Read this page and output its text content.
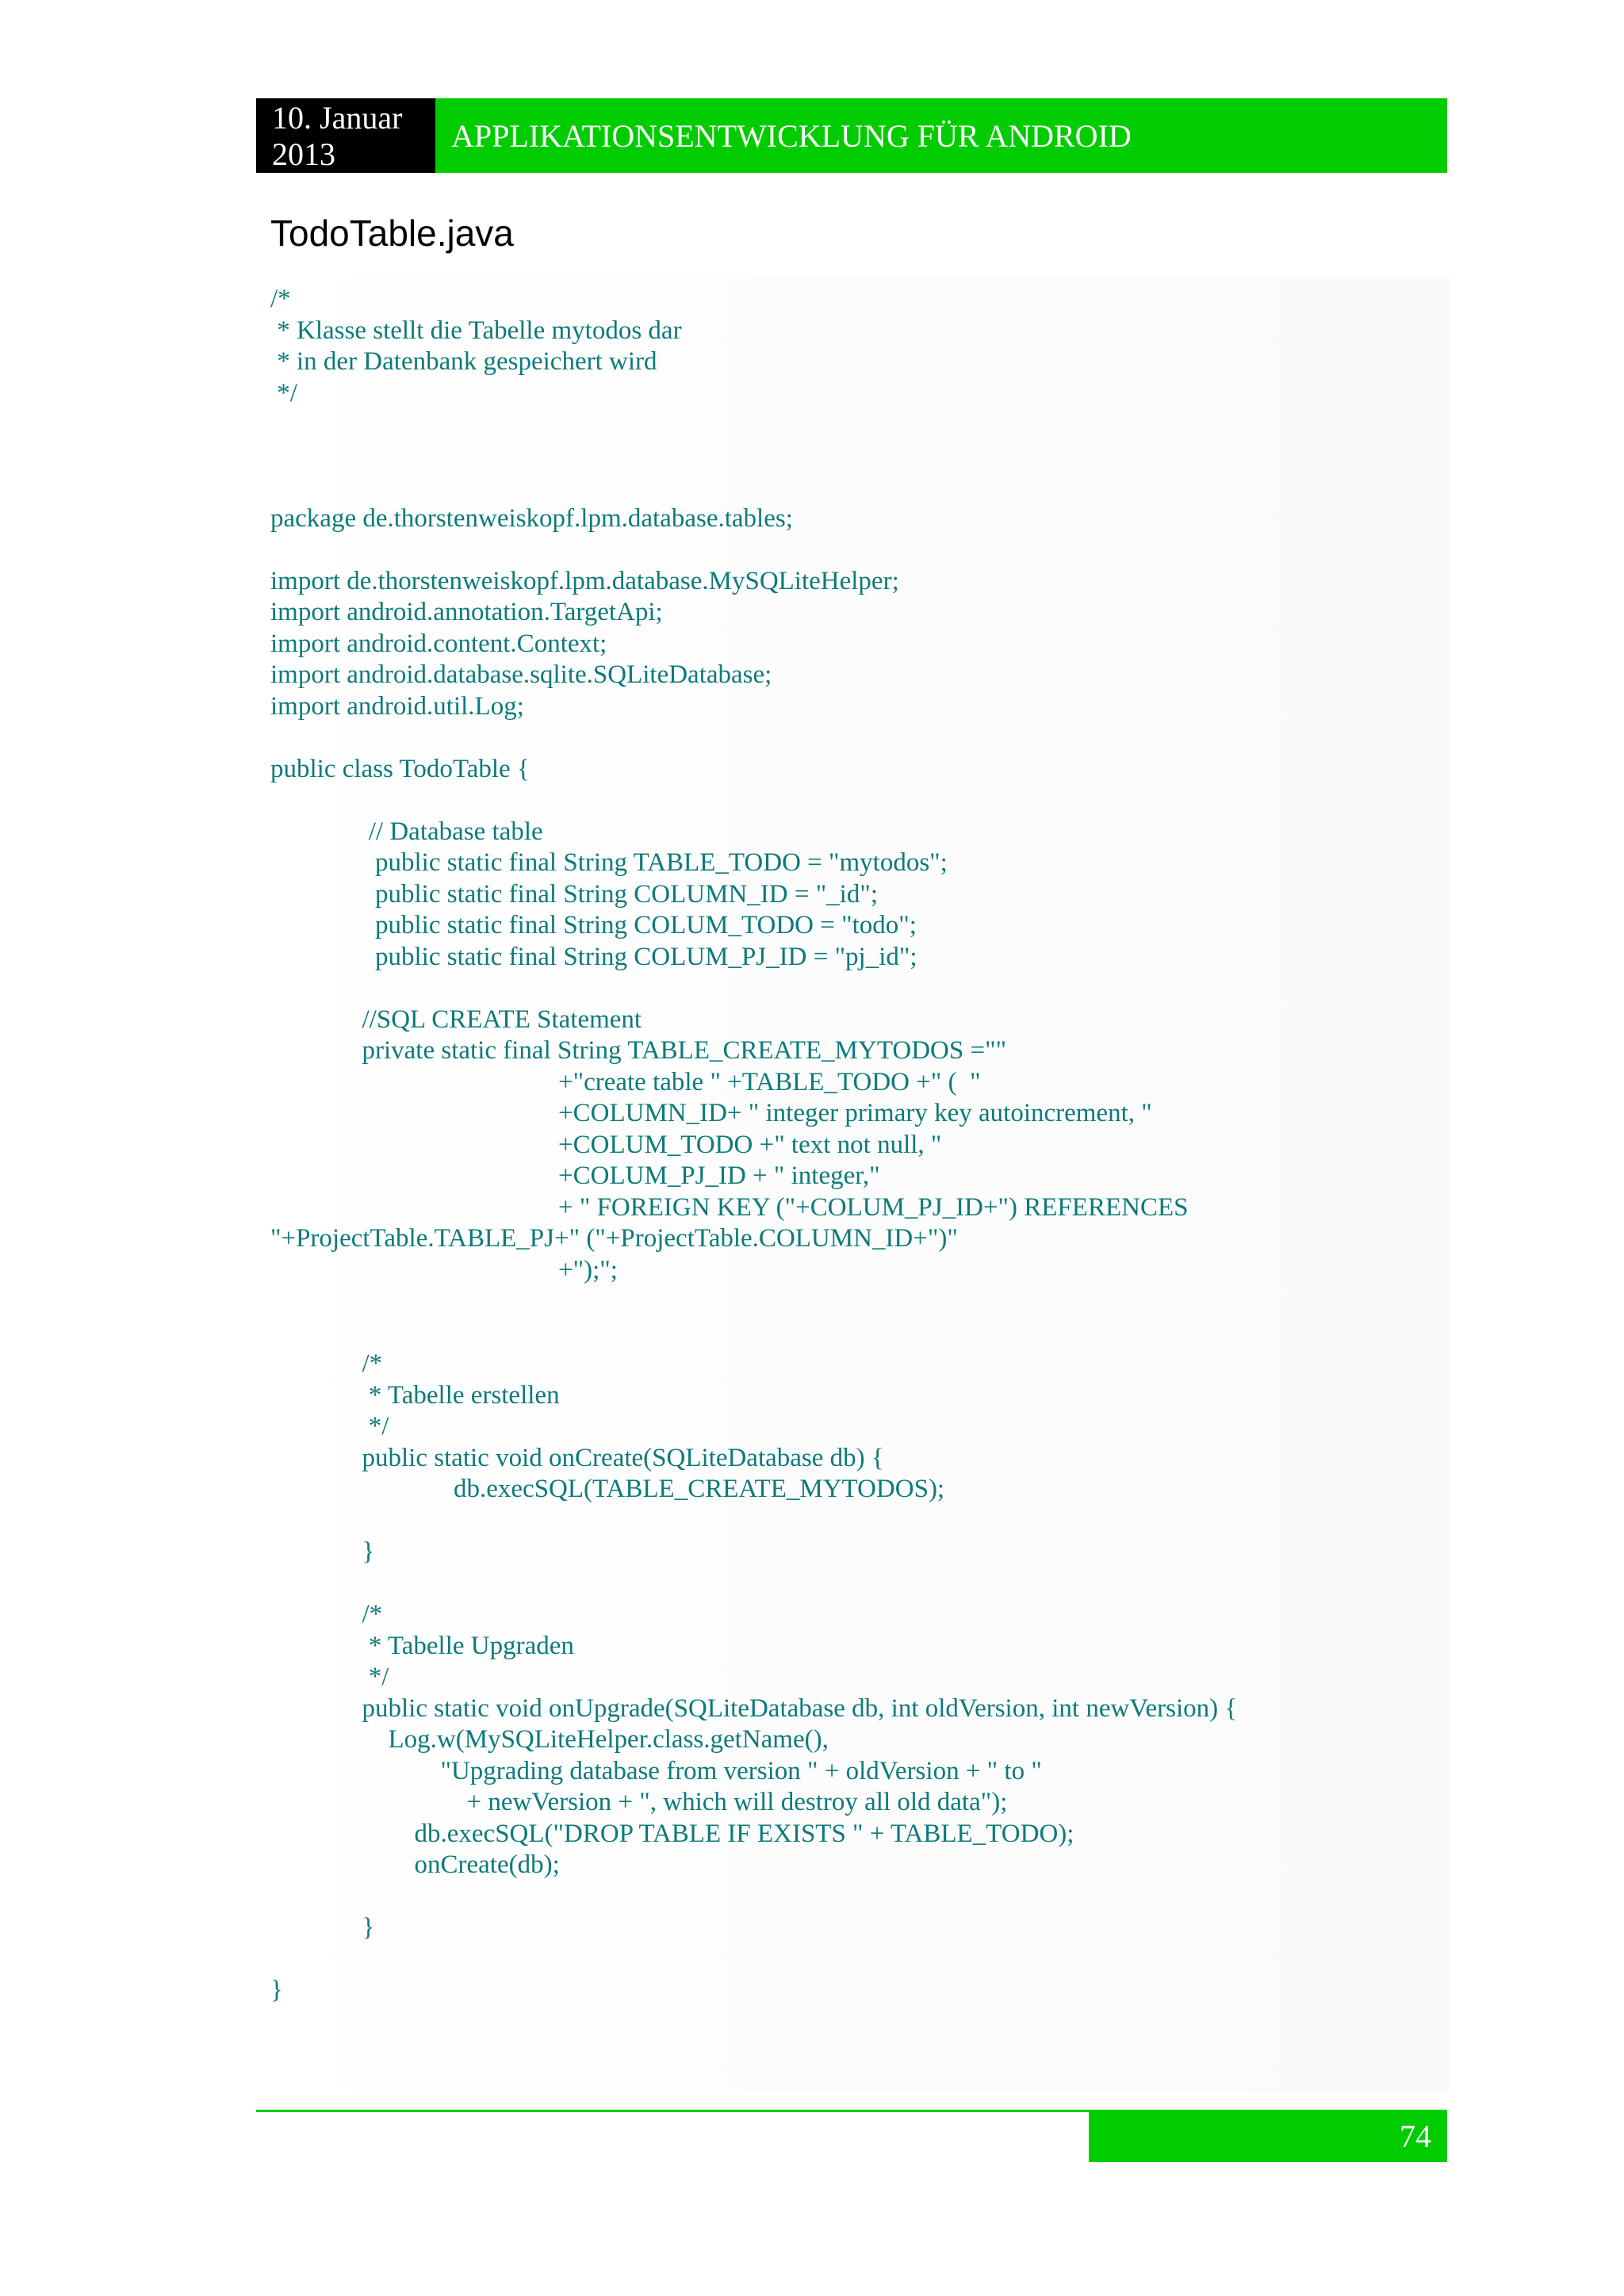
10. Januar
2013
APPLIKATIONSENTWICKLUNG FÜR ANDROID
TodoTable.java
/*
* Klasse stellt die Tabelle mytodos dar
* in der Datenbank gespeichert wird
*/
package de.thorstenweiskopf.lpm.database.tables;
import de.thorstenweiskopf.lpm.database.MySQLiteHelper;
import android.annotation.TargetApi;
import android.content.Context;
import android.database.sqlite.SQLiteDatabase;
import android.util.Log;
public class TodoTable {
// Database table
public static final String TABLE_TODO = "mytodos";
public static final String COLUMN_ID = "_id";
public static final String COLUM_TODO = "todo";
public static final String COLUM_PJ_ID = "pj_id";
//SQL CREATE Statement
private static final String TABLE_CREATE_MYTODOS =""
+"create table " +TABLE_TODO +" (  "
+COLUMN_ID+ " integer primary key autoincrement, "
+COLUM_TODO +" text not null, "
+COLUM_PJ_ID + " integer,"
+ " FOREIGN KEY ("+COLUM_PJ_ID+") REFERENCES
"+ProjectTable.TABLE_PJ+" ("+ProjectTable.COLUMN_ID+")"
+");";
/*
* Tabelle erstellen
*/
public static void onCreate(SQLiteDatabase db) {
db.execSQL(TABLE_CREATE_MYTODOS);
}
/*
* Tabelle Upgraden
*/
public static void onUpgrade(SQLiteDatabase db, int oldVersion, int newVersion) {
Log.w(MySQLiteHelper.class.getName(),
"Upgrading database from version " + oldVersion + " to "
+ newVersion + ", which will destroy all old data");
db.execSQL("DROP TABLE IF EXISTS " + TABLE_TODO);
onCreate(db);
}
}
74
